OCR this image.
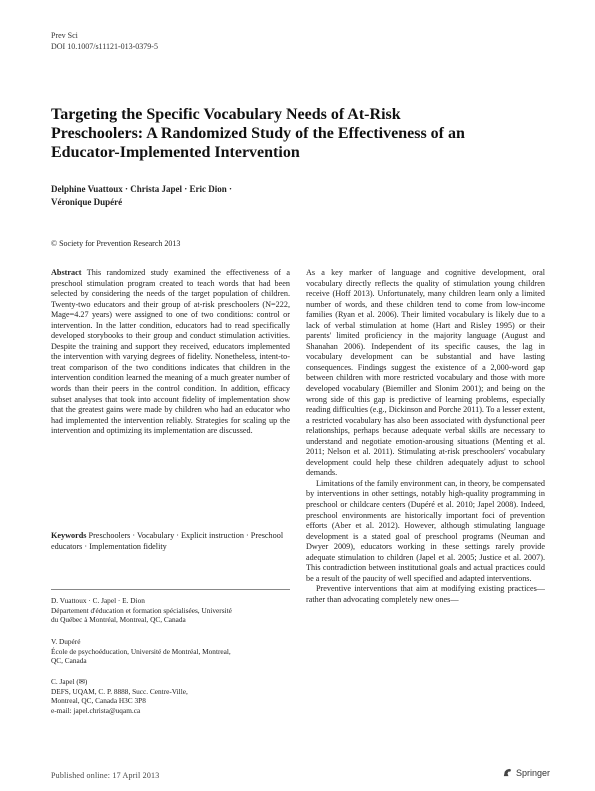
Prev Sci
DOI 10.1007/s11121-013-0379-5
Targeting the Specific Vocabulary Needs of At-Risk Preschoolers: A Randomized Study of the Effectiveness of an Educator-Implemented Intervention
Delphine Vuattoux · Christa Japel · Eric Dion ·
Véronique Dupéré
© Society for Prevention Research 2013
Abstract This randomized study examined the effectiveness of a preschool stimulation program created to teach words that had been selected by considering the needs of the target population of children. Twenty-two educators and their group of at-risk preschoolers (N=222, Mage=4.27 years) were assigned to one of two conditions: control or intervention. In the latter condition, educators had to read specifically developed storybooks to their group and conduct stimulation activities. Despite the training and support they received, educators implemented the intervention with varying degrees of fidelity. Nonetheless, intent-to-treat comparison of the two conditions indicates that children in the intervention condition learned the meaning of a much greater number of words than their peers in the control condition. In addition, efficacy subset analyses that took into account fidelity of implementation show that the greatest gains were made by children who had an educator who had implemented the intervention reliably. Strategies for scaling up the intervention and optimizing its implementation are discussed.
Keywords Preschoolers · Vocabulary · Explicit instruction · Preschool educators · Implementation fidelity
D. Vuattoux · C. Japel · E. Dion
Département d'éducation et formation spécialisées, Université
du Québec à Montréal, Montreal, QC, Canada
V. Dupéré
École de psychoéducation, Université de Montréal, Montreal,
QC, Canada
C. Japel (✉)
DEFS, UQAM, C. P. 8888, Succ. Centre-Ville,
Montreal, QC, Canada H3C 3P8
e-mail: japel.christa@uqam.ca

As a key marker of language and cognitive development, oral vocabulary directly reflects the quality of stimulation young children receive (Hoff 2013). Unfortunately, many children learn only a limited number of words, and these children tend to come from low-income families (Ryan et al. 2006). Their limited vocabulary is likely due to a lack of verbal stimulation at home (Hart and Risley 1995) or their parents' limited proficiency in the majority language (August and Shanahan 2006). Independent of its specific causes, the lag in vocabulary development can be substantial and have lasting consequences. Findings suggest the existence of a 2,000-word gap between children with more restricted vocabulary and those with more developed vocabulary (Biemiller and Slonim 2001); and being on the wrong side of this gap is predictive of learning problems, especially reading difficulties (e.g., Dickinson and Porche 2011). To a lesser extent, a restricted vocabulary has also been associated with dysfunctional peer relationships, perhaps because adequate verbal skills are necessary to understand and negotiate emotion-arousing situations (Menting et al. 2011; Nelson et al. 2011). Stimulating at-risk preschoolers' vocabulary development could help these children adequately adjust to school demands.

Limitations of the family environment can, in theory, be compensated by interventions in other settings, notably high-quality programming in preschool or childcare centers (Dupéré et al. 2010; Japel 2008). Indeed, preschool environments are historically important foci of prevention efforts (Aber et al. 2012). However, although stimulating language development is a stated goal of preschool programs (Neuman and Dwyer 2009), educators working in these settings rarely provide adequate stimulation to children (Japel et al. 2005; Justice et al. 2007). This contradiction between institutional goals and actual practices could be a result of the paucity of well specified and adapted interventions.

Preventive interventions that aim at modifying existing practices—rather than advocating completely new ones—

Published online: 17 April 2013	Springer
